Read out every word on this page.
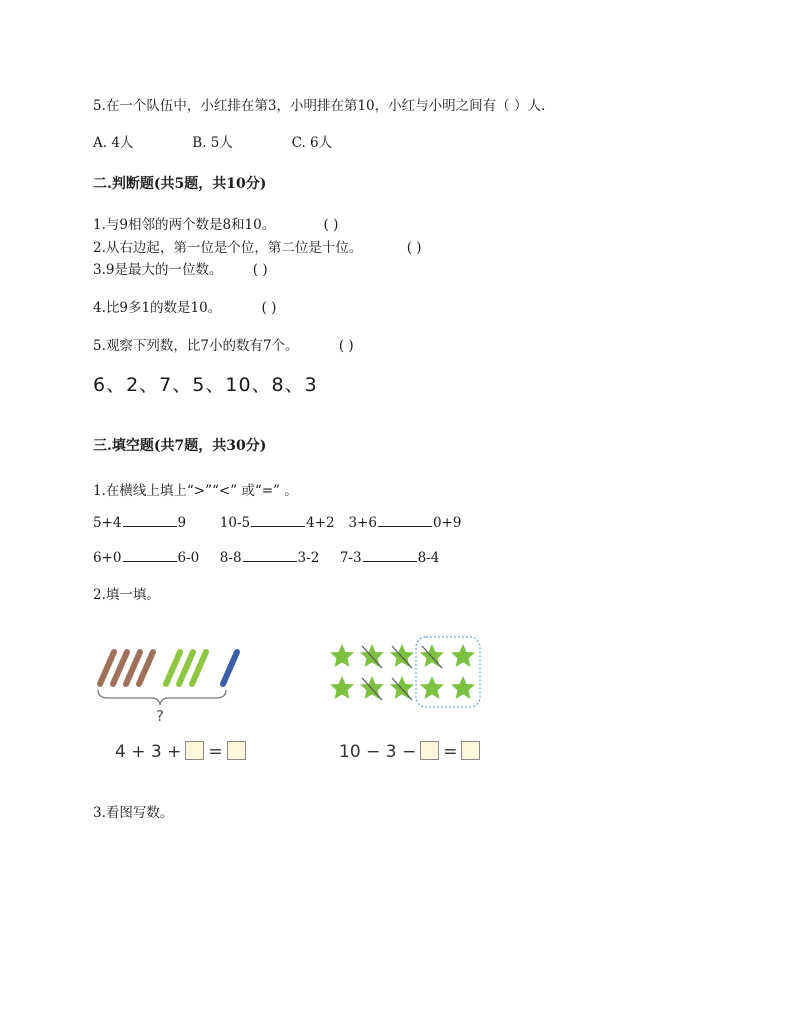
5.在一个队伍中，小红排在第3，小明排在第10，小红与小明之间有（ ）人.
A. 4人	B. 5人	C. 6人
二.判断题(共5题，共10分)
1.与9相邻的两个数是8和10。	( )
2.从右边起，第一位是个位，第二位是十位。	( )
3.9是最大的一位数。 ( )
4.比9多1的数是10。	( )
5.观察下列数，比7小的数有7个。	( )
6、2、7、5、10、8、3
三.填空题(共7题，共30分)
1.在横线上填上“>”“<” 或“=” 。
5+4	9 10-5	4+2 3+6	0+9
6+0	6-0 8-8	3-2 7-3	8-4
2.填一填。
?
4 + 3 + =	10 − 3 − =
3.看图写数。
